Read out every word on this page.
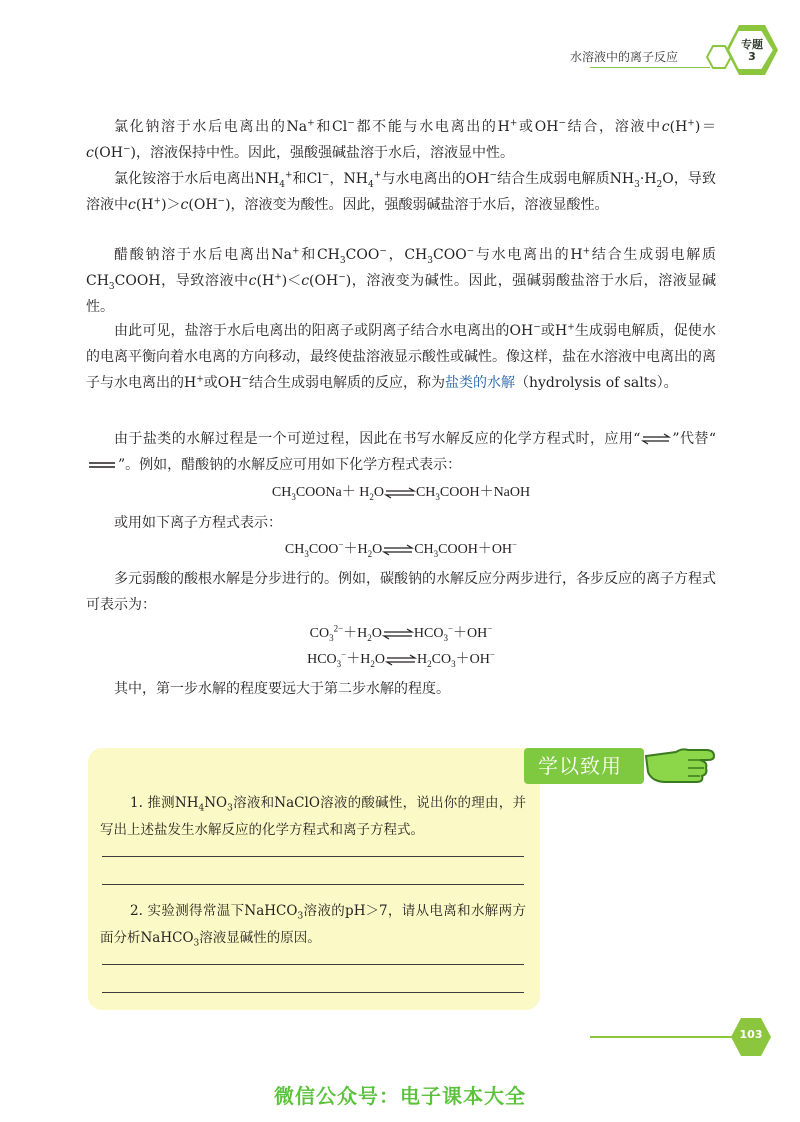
水溶液中的离子反应
专题
3
氯化钠溶于水后电离出的Na+和Cl−都不能与水电离出的H+或OH−结合，溶液中c(H+)＝c(OH−)，溶液保持中性。因此，强酸强碱盐溶于水后，溶液显中性。
氯化铵溶于水后电离出$NH_4^+$和Cl−，$NH_4^+$与水电离出的OH−结合生成弱电解质$NH_3\cdot H_2O$，导致溶液中c(H+)＞c(OH−)，溶液变为酸性。因此，强酸弱碱盐溶于水后，溶液显酸性。
醋酸钠溶于水后电离出Na+和$CH_3COO^-$，$CH_3COO^-$与水电离出的H+结合生成弱电解质$CH_3COOH$，导致溶液中c(H+)＜c(OH−)，溶液变为碱性。因此，强碱弱酸盐溶于水后，溶液显碱性。
由此可见，盐溶于水后电离出的阳离子或阴离子结合水电离出的OH−或H+生成弱电解质，促使水的电离平衡向着水电离的方向移动，最终使盐溶液显示酸性或碱性。像这样，盐在水溶液中电离出的离子与水电离出的H+或OH−结合生成弱电解质的反应，称为盐类的水解（hydrolysis of salts）。
由于盐类的水解过程是一个可逆过程，因此在书写水解反应的化学方程式时，应用“⇌”代替“”。例如，醋酸钠的水解反应可用如下化学方程式表示：
$CH_3COONa+$ $H_2O\rightleftharpoons CH_3COOH+NaOH$
或用如下离子方程式表示：
$CH_3COO^-+H_2O\rightleftharpoons CH_3COOH+OH^-$
多元弱酸的酸根水解是分步进行的。例如，碳酸钠的水解反应分两步进行，各步反应的离子方程式可表示为：
$CO_3^{2-}+H_2O\rightleftharpoons HCO_3^-+OH^-$
$HCO_3^-+H_2O\rightleftharpoons H_2CO_3+OH^-$
其中，第一步水解的程度要远大于第二步水解的程度。
学以致用
1. 推测$NH_4NO_3$溶液和NaClO溶液的酸碱性，说出你的理由，并写出上述盐发生水解反应的化学方程式和离子方程式。
2. 实验测得常温下NaHCO$_3$溶液的pH＞7，请从电离和水解两方面分析NaHCO$_3$溶液显碱性的原因。
103
微信公众号：电子课本大全
